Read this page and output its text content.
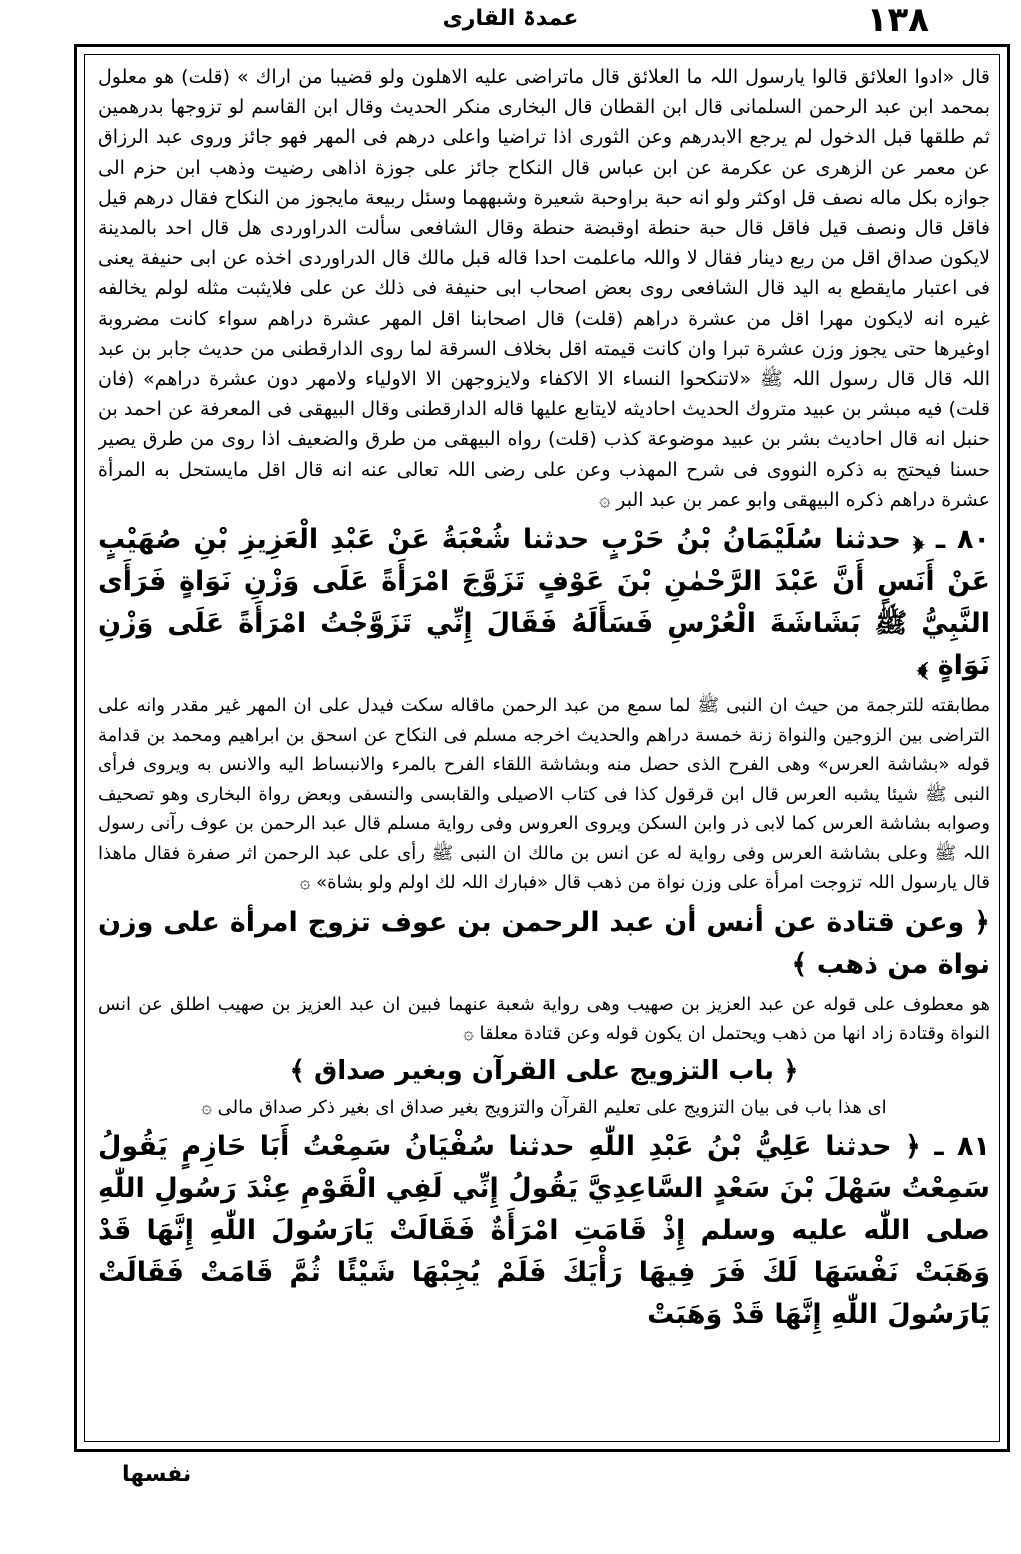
۱۳۸
عمدۃ القاری

قال «ادوا العلائق قالوا يارسول اللہ ما العلائق قال ماتراضى عليه الاهلون ولو قضيبا من اراك » (قلت) هو معلول بمحمد ابن عبد الرحمن السلمانى قال ابن القطان قال البخارى منكر الحديث وقال ابن القاسم لو تزوجها بدرهمين ثم طلقها قبل الدخول لم يرجع الابدرهم وعن الثورى اذا تراضيا واعلى درهم فى المهر فهو جائز وروى عبد الرزاق عن معمر عن الزهرى عن عكرمة عن ابن عباس قال النكاح جائز على جوزة اذاهى رضيت وذهب ابن حزم الى جوازه بكل ماله نصف قل اوكثر ولو انه حبة براوحبة شعيرة وشبههما وسئل ربيعة مايجوز من النكاح فقال درهم قيل فاقل قال ونصف قيل فاقل قال حبة حنطة اوقبضة حنطة وقال الشافعى سألت الدراوردى هل قال احد بالمدينة لايكون صداق اقل من ربع دينار فقال لا واللہ ماعلمت احدا قاله قبل مالك قال الدراوردى اخذه عن ابى حنيفة يعنى فى اعتبار مايقطع به اليد قال الشافعى روى بعض اصحاب ابى حنيفة فى ذلك عن على فلايثبت مثله لولم يخالفه غيره انه لايكون مهرا اقل من عشرة دراهم (قلت) قال اصحابنا اقل المهر عشرة دراهم سواء كانت مضروبة اوغيرها حتى يجوز وزن عشرة تبرا وان كانت قيمته اقل بخلاف السرقة لما روى الدارقطنى من حديث جابر بن عبد اللہ قال قال رسول اللہ ﷺ «لاتنكحوا النساء الا الاكفاء ولايزوجهن الا الاولياء ولامهر دون عشرة دراهم» (فان قلت) فيه مبشر بن عبيد متروك الحديث احاديثه لايتابع عليها قاله الدارقطنى وقال البيهقى فى المعرفة عن احمد بن حنبل انه قال احاديث بشر بن عبيد موضوعة كذب (قلت) رواه البيهقى من طرق والضعيف اذا روى من طرق يصير حسنا فيحتج به ذكره النووى فى شرح المهذب وعن على رضى اللہ تعالى عنه انه قال اقل مايستحل به المرأة عشرة دراهم ذكره البيهقى وابو عمر بن عبد البر ۞

٨٠ ـ ﴿ حدثنا سُلَيْمَانُ بْنُ حَرْبٍ حدثنا شُعْبَةُ عَنْ عَبْدِ الْعَزِيزِ بْنِ صُهَيْبٍ عَنْ أَنَسٍ أَنَّ عَبْدَ الرَّحْمٰنِ بْنَ عَوْفٍ تَزَوَّجَ امْرَأَةً عَلَى وَزْنِ نَوَاةٍ فَرَأَى النَّبِيُّ ﷺ بَشَاشَةَ الْعُرْسِ فَسَأَلَهُ فَقَالَ إِنِّي تَزَوَّجْتُ امْرَأَةً عَلَى وَزْنِ نَوَاةٍ ﴾

مطابقته للترجمة من حيث ان النبى ﷺ لما سمع من عبد الرحمن ماقاله سكت فيدل على ان المهر غير مقدر وانه على التراضى بين الزوجين والنواة زنة خمسة دراهم والحديث اخرجه مسلم فى النكاح عن اسحق بن ابراهيم ومحمد بن قدامة قوله «بشاشة العرس» وهى الفرح الذى حصل منه وبشاشة اللقاء الفرح بالمرء والانبساط اليه والانس به ويروى فرأى النبى ﷺ شيئا يشبه العرس قال ابن قرقول كذا فى كتاب الاصيلى والقابسى والنسفى وبعض رواة البخارى وهو تصحيف وصوابه بشاشة العرس كما لابى ذر وابن السكن ويروى العروس وفى رواية مسلم قال عبد الرحمن بن عوف رآنى رسول اللہ ﷺ وعلى بشاشة العرس وفى رواية له عن انس بن مالك ان النبى ﷺ رأى على عبد الرحمن اثر صفرة فقال ماهذا قال يارسول اللہ تزوجت امرأة على وزن نواة من ذهب قال «فبارك اللہ لك اولم ولو بشاة» ۞

﴿ وعن قتادة عن أنس أن عبد الرحمن بن عوف تزوج امرأة على وزن نواة من ذهب ﴾

هو معطوف على قوله عن عبد العزيز بن صهيب وهى رواية شعبة عنهما فبين ان عبد العزيز بن صهيب اطلق عن انس النواة وقتادة زاد انها من ذهب ويحتمل ان يكون قوله وعن قتادة معلقا ۞

﴿ باب التزويج على القرآن وبغير صداق ﴾

اى هذا باب فى بيان التزويج على تعليم القرآن والتزويج بغير صداق اى بغير ذكر صداق مالى ۞

٨١ ـ ﴿ حدثنا عَلِيُّ بْنُ عَبْدِ اللّٰهِ حدثنا سُفْيَانُ سَمِعْتُ أَبَا حَازِمٍ يَقُولُ سَمِعْتُ سَهْلَ بْنَ سَعْدٍ السَّاعِدِيَّ يَقُولُ إِنِّي لَفِي الْقَوْمِ عِنْدَ رَسُولِ اللّٰهِ صلى اللّٰه عليه وسلم إِذْ قَامَتِ امْرَأَةٌ فَقَالَتْ يَارَسُولَ اللّٰهِ إِنَّهَا قَدْ وَهَبَتْ نَفْسَهَا لَكَ فَرَ فِيهَا رَأْيَكَ فَلَمْ يُجِبْهَا شَيْئًا ثُمَّ قَامَتْ فَقَالَتْ يَارَسُولَ اللّٰهِ إِنَّهَا قَدْ وَهَبَتْ

نفسها
